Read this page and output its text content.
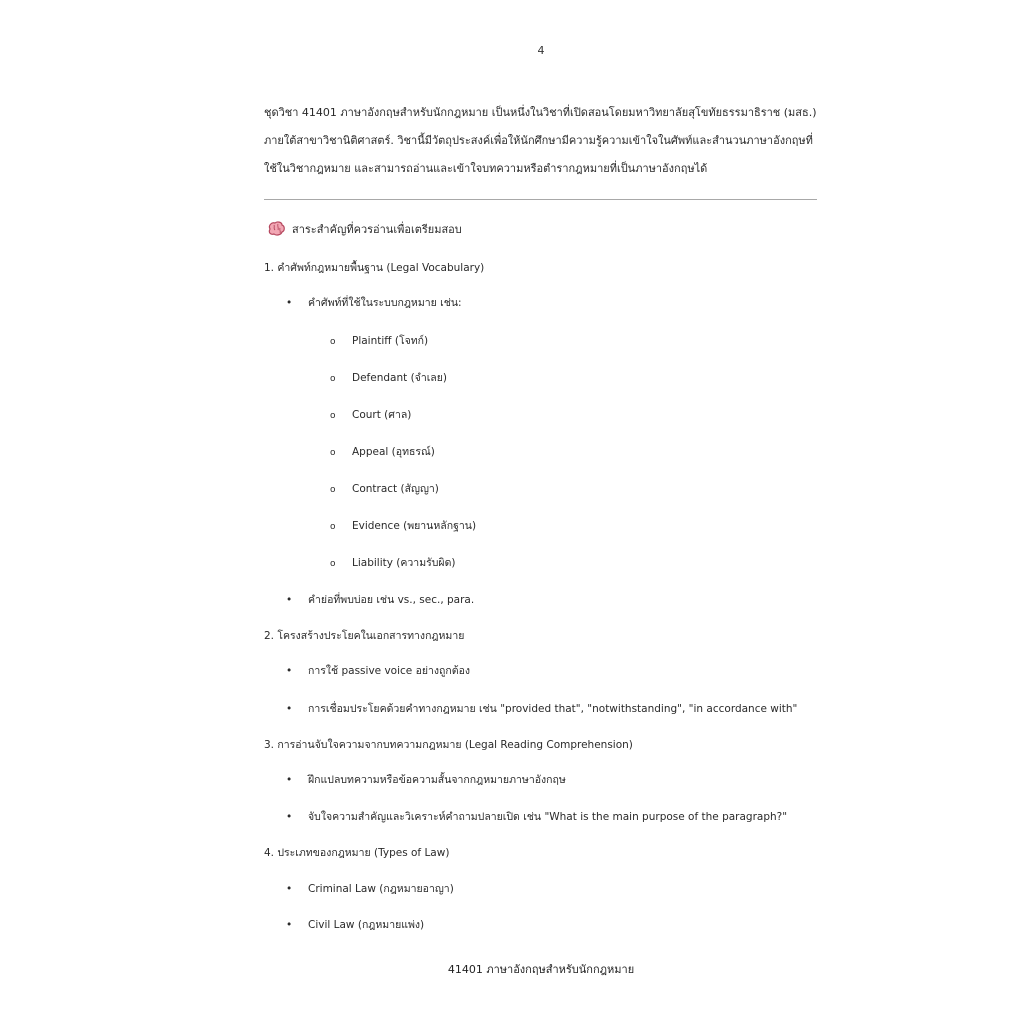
4

ชุดวิชา 41401 ภาษาอังกฤษสำหรับนักกฎหมาย เป็นหนึ่งในวิชาที่เปิดสอนโดยมหาวิทยาลัยสุโขทัยธรรมาธิราช (มสธ.)

ภายใต้สาขาวิชานิติศาสตร์. วิชานี้มีวัตถุประสงค์เพื่อให้นักศึกษามีความรู้ความเข้าใจในศัพท์และสำนวนภาษาอังกฤษที่

ใช้ในวิชากฎหมาย และสามารถอ่านและเข้าใจบทความหรือตำรากฎหมายที่เป็นภาษาอังกฤษได้

สาระสำคัญที่ควรอ่านเพื่อเตรียมสอบ
1. คำศัพท์กฎหมายพื้นฐาน (Legal Vocabulary)
• คำศัพท์ที่ใช้ในระบบกฎหมาย เช่น:
o Plaintiff (โจทก์)
o Defendant (จำเลย)
o Court (ศาล)
o Appeal (อุทธรณ์)
o Contract (สัญญา)
o Evidence (พยานหลักฐาน)
o Liability (ความรับผิด)
• คำย่อที่พบบ่อย เช่น vs., sec., para.
2. โครงสร้างประโยคในเอกสารทางกฎหมาย
• การใช้ passive voice อย่างถูกต้อง
• การเชื่อมประโยคด้วยคำทางกฎหมาย เช่น "provided that", "notwithstanding", "in accordance with"
3. การอ่านจับใจความจากบทความกฎหมาย (Legal Reading Comprehension)
• ฝึกแปลบทความหรือข้อความสั้นจากกฎหมายภาษาอังกฤษ
• จับใจความสำคัญและวิเคราะห์คำถามปลายเปิด เช่น "What is the main purpose of the paragraph?"
4. ประเภทของกฎหมาย (Types of Law)
• Criminal Law (กฎหมายอาญา)
• Civil Law (กฎหมายแพ่ง)
41401 ภาษาอังกฤษสำหรับนักกฎหมาย
